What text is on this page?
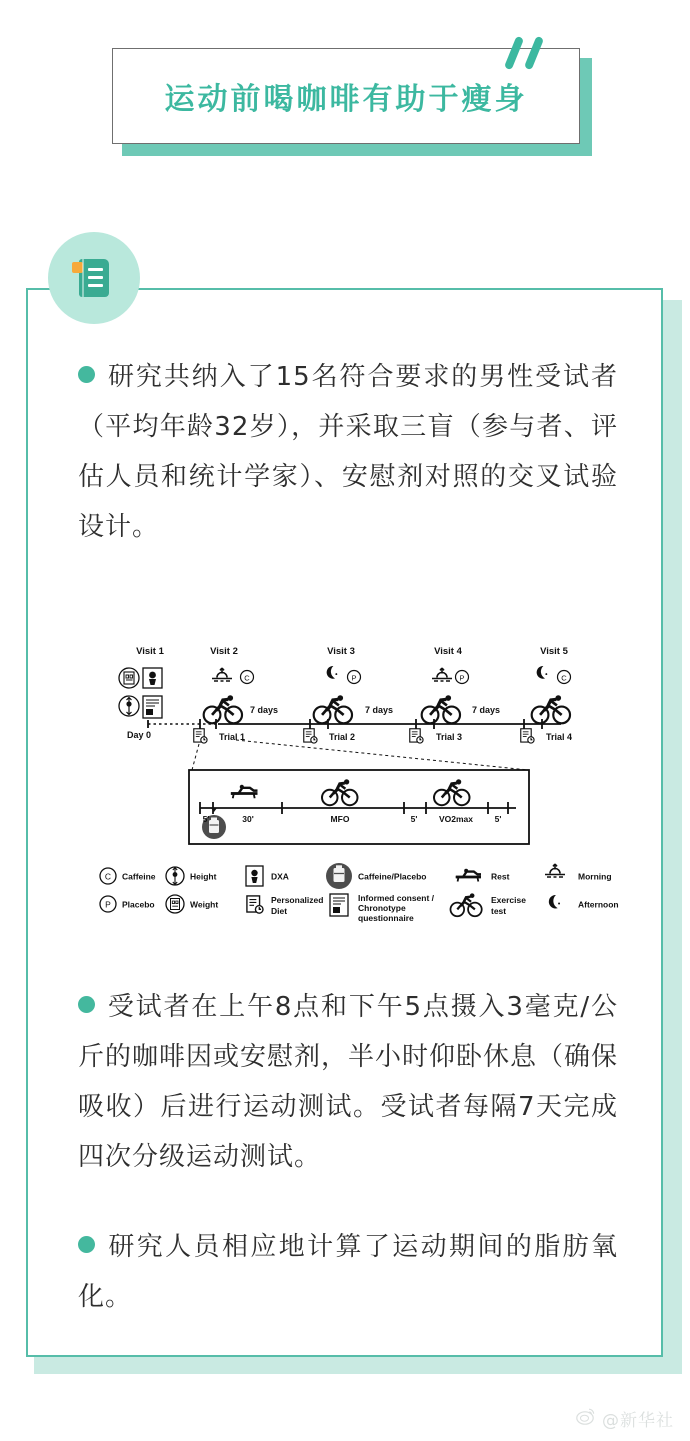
运动前喝咖啡有助于瘦身
研究共纳入了15名符合要求的男性受试者（平均年龄32岁），并采取三盲（参与者、评估人员和统计学家）、安慰剂对照的交叉试验设计。
Visit 1	Visit 2	Visit 3	Visit 4	Visit 5
Day 0
C
Trial 1
P
Trial 2
P
Trial 3
C
Trial 4
7 days	7 days	7 days
5'	30'	MFO	5'	VO2max	5'
C Caffeine
P Placebo
Height
Weight
DXA
Personalized
Diet
Caffeine/Placebo
Informed consent /
Chronotype
questionnaire
Rest
Exercise
test
Morning
Afternoon
受试者在上午8点和下午5点摄入3毫克/公斤的咖啡因或安慰剂，半小时仰卧休息（确保吸收）后进行运动测试。受试者每隔7天完成四次分级运动测试。
研究人员相应地计算了运动期间的脂肪氧化。
@新华社
